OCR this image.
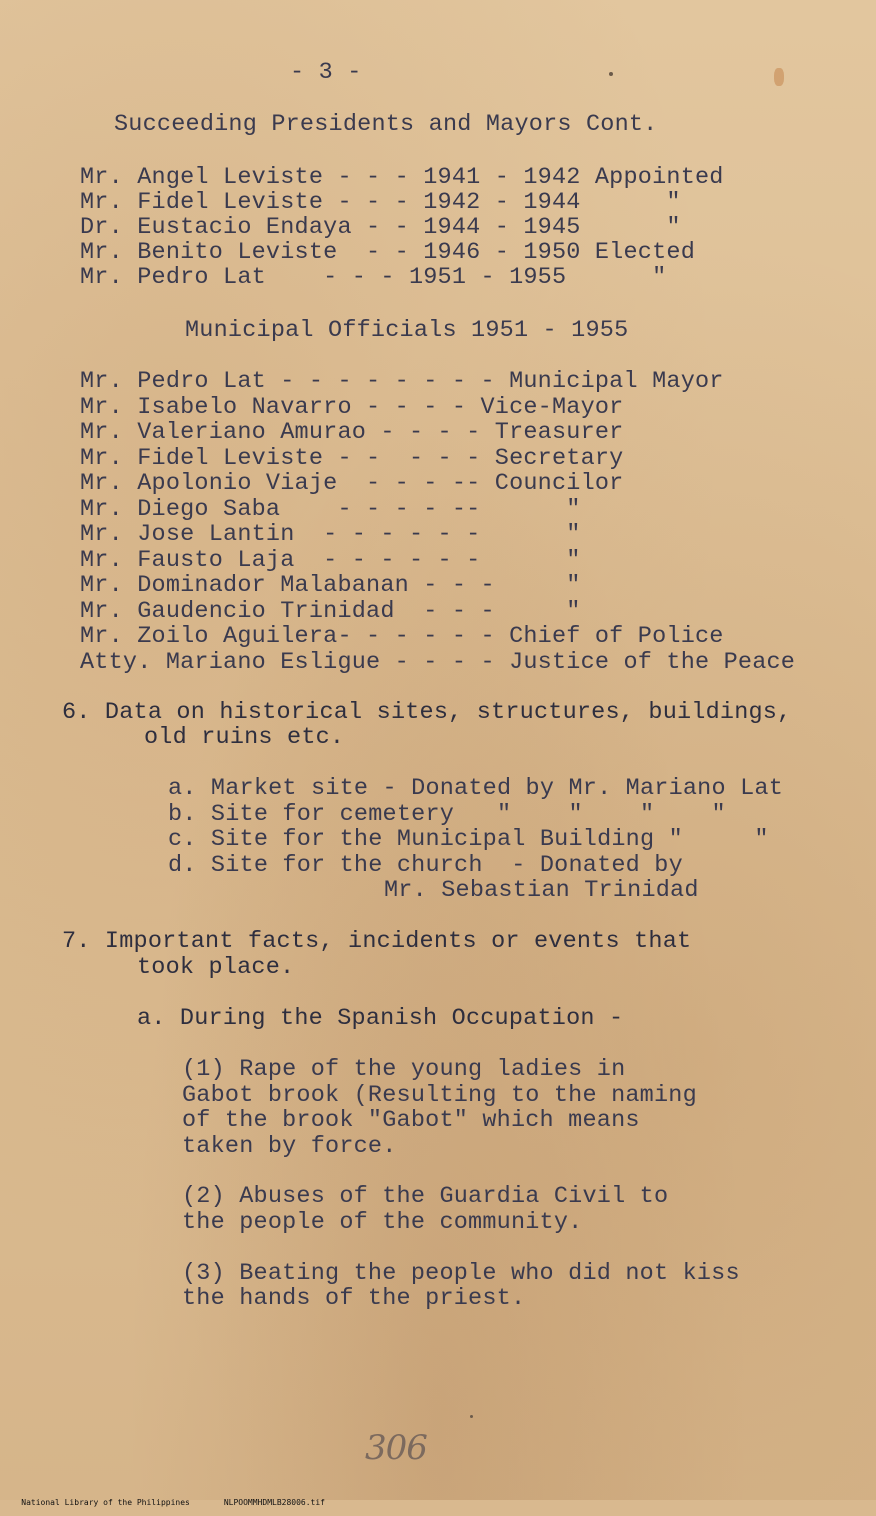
- 3 -
Succeeding Presidents and Mayors Cont.
Mr. Angel Leviste - - - 1941 - 1942 Appointed
Mr. Fidel Leviste - - - 1942 - 1944      "
Dr. Eustacio Endaya - - 1944 - 1945      "
Mr. Benito Leviste  - - 1946 - 1950 Elected
Mr. Pedro Lat    - - - 1951 - 1955      "
Municipal Officials 1951 - 1955
Mr. Pedro Lat - - - - - - - - Municipal Mayor
Mr. Isabelo Navarro - - - - Vice-Mayor
Mr. Valeriano Amurao - - - - Treasurer
Mr. Fidel Leviste - -  - - - Secretary
Mr. Apolonio Viaje  - - - -- Councilor
Mr. Diego Saba    - - - - --      "
Mr. Jose Lantin  - - - - - -      "
Mr. Fausto Laja  - - - - - -      "
Mr. Dominador Malabanan - - -     "
Mr. Gaudencio Trinidad  - - -     "
Mr. Zoilo Aguilera- - - - - - Chief of Police
Atty. Mariano Esligue - - - - Justice of the Peace
6. Data on historical sites, structures, buildings,
old ruins etc.
a. Market site - Donated by Mr. Mariano Lat
b. Site for cemetery   "    "    "    "
c. Site for the Municipal Building "     "
d. Site for the church  - Donated by
Mr. Sebastian Trinidad
7. Important facts, incidents or events that
took place.
a. During the Spanish Occupation -
(1) Rape of the young ladies in
Gabot brook (Resulting to the naming
of the brook "Gabot" which means
taken by force.
(2) Abuses of the Guardia Civil to
the people of the community.
(3) Beating the people who did not kiss
the hands of the priest.
306

National Library of the Philippines	NLPOOMMHDMLB28006.tif
